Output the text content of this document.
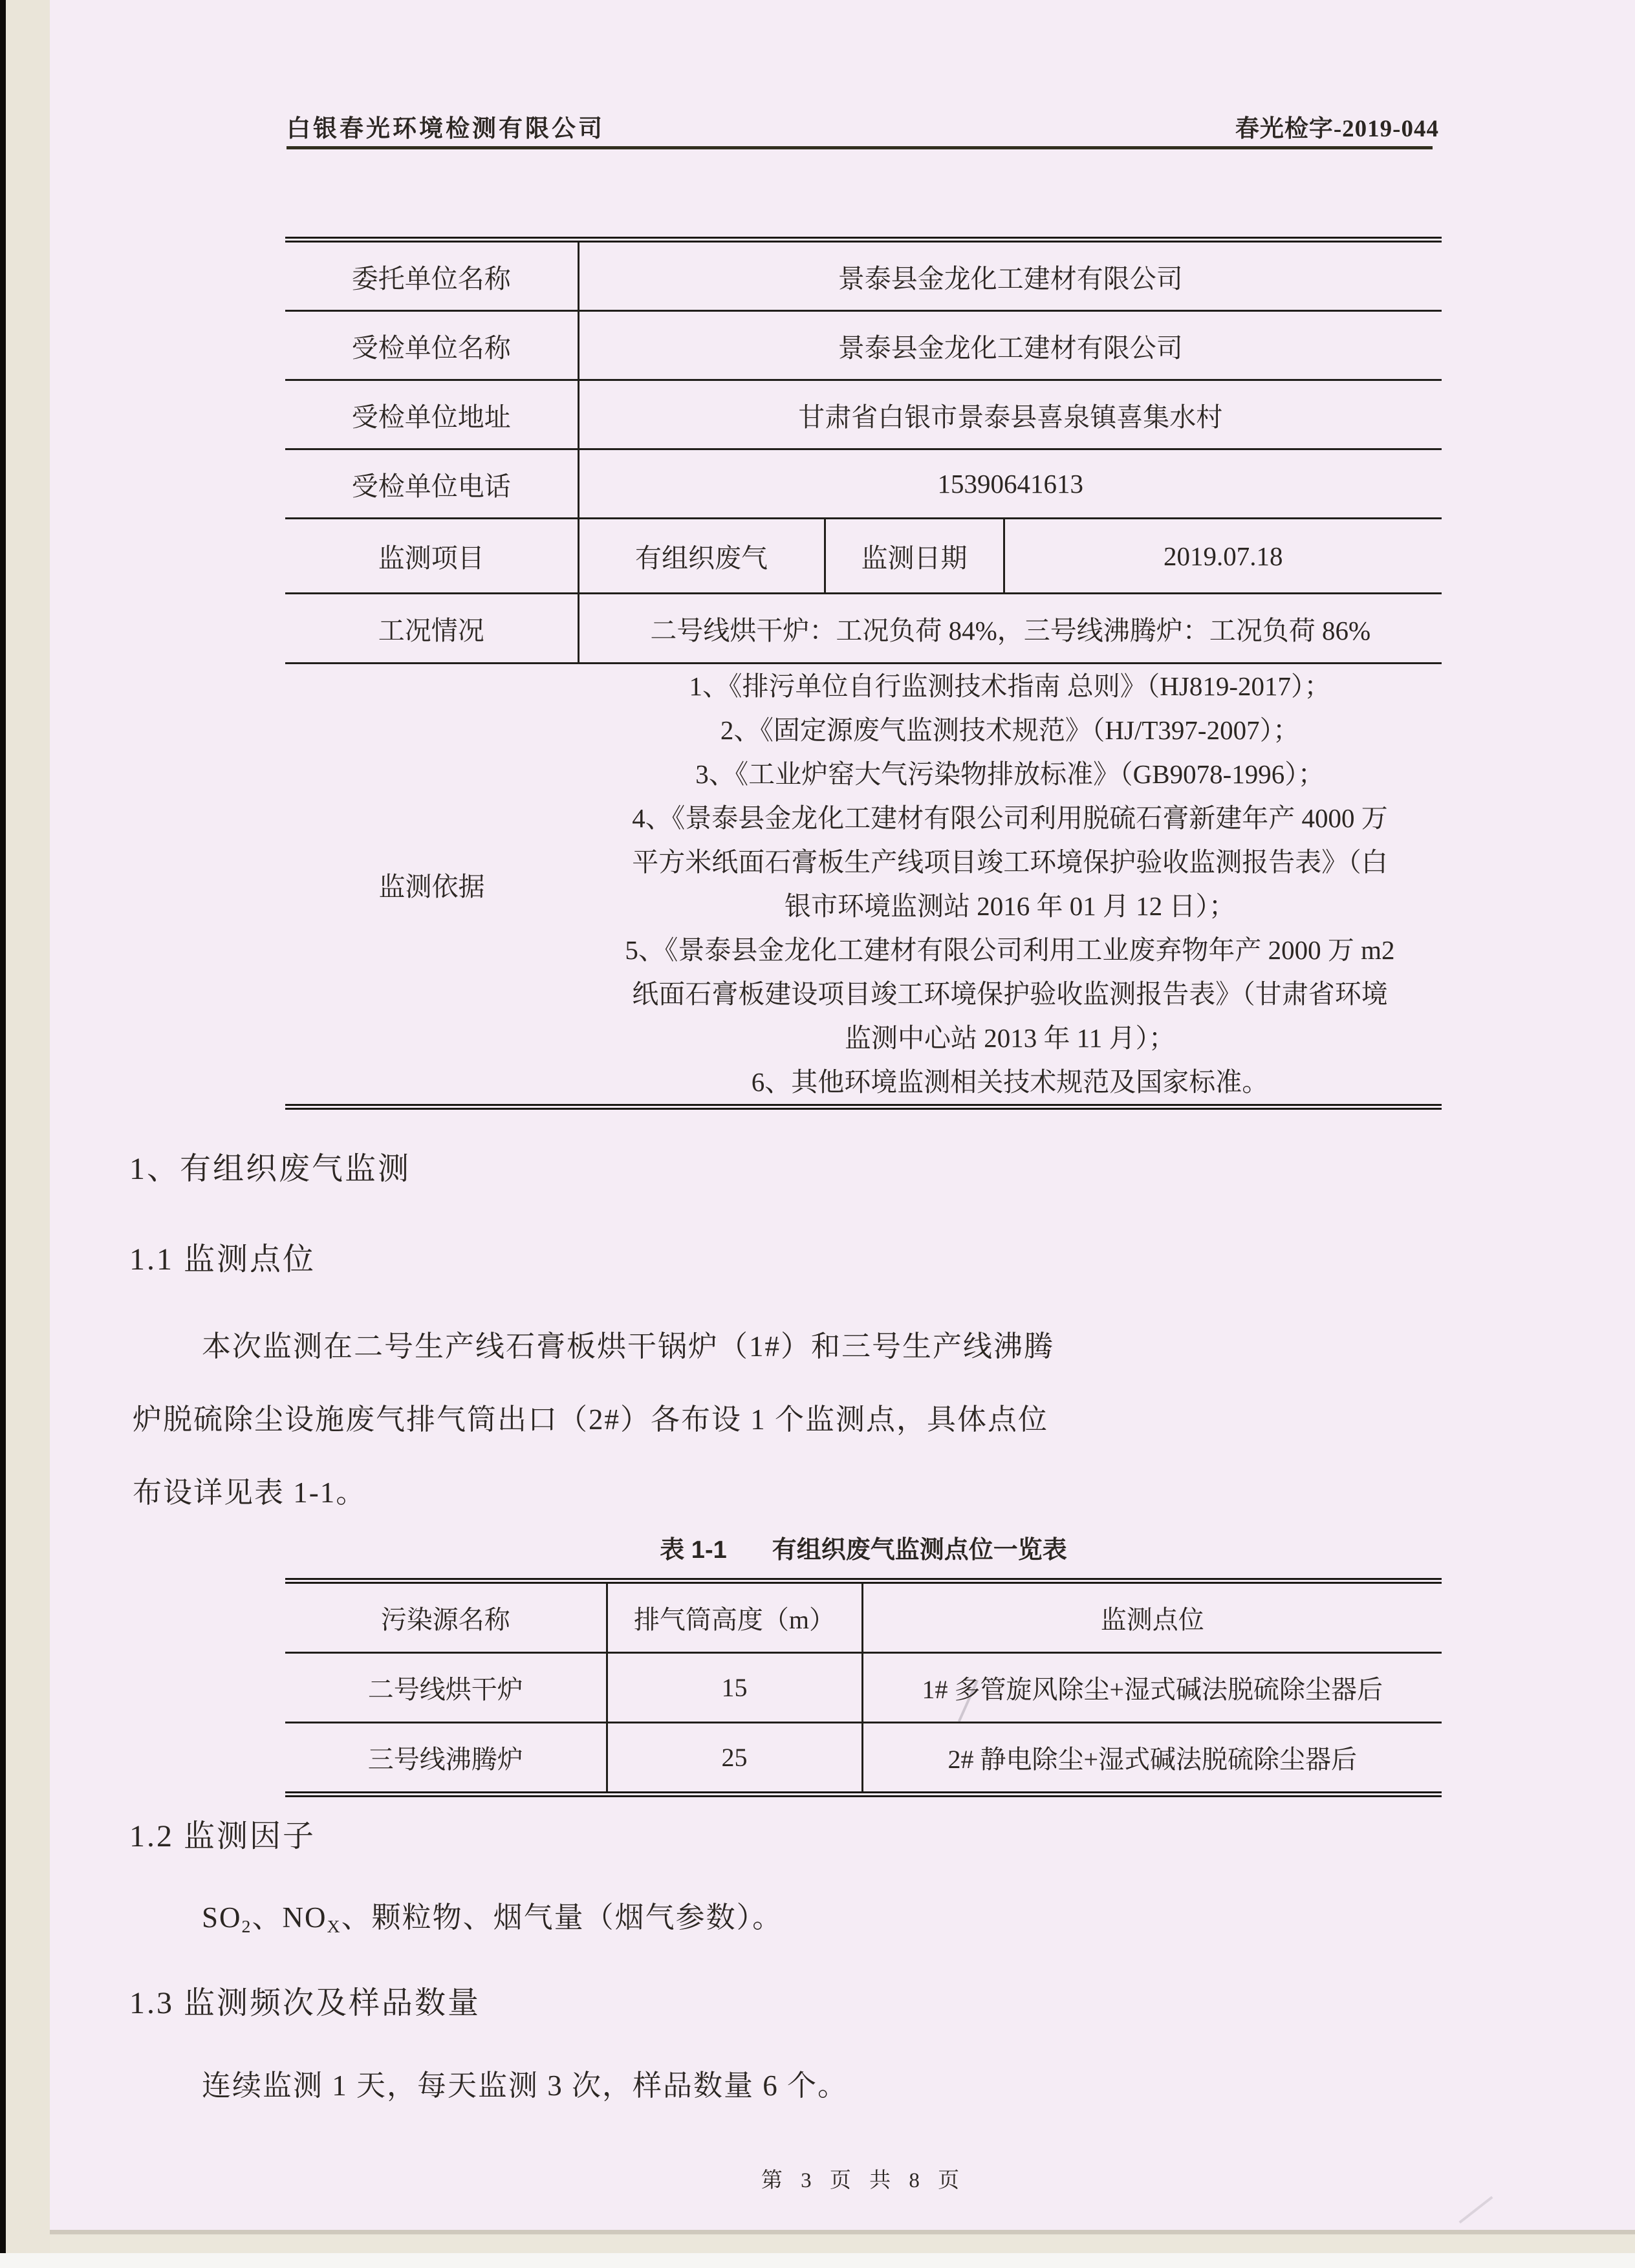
白银春光环境检测有限公司	春光检字-2019-044
委托单位名称	景泰县金龙化工建材有限公司		
受检单位名称	景泰县金龙化工建材有限公司		
受检单位地址	甘肃省白银市景泰县喜泉镇喜集水村		
受检单位电话	15390641613		
监测项目	有组织废气	监测日期	2019.07.18
工况情况	二号线烘干炉：工况负荷 84%，三号线沸腾炉：工况负荷 86%		
监测依据	
1、《排污单位自行监测技术指南 总则》（HJ819-2017）；
2、《固定源废气监测技术规范》（HJ/T397-2007）；
3、《工业炉窑大气污染物排放标准》（GB9078-1996）；
4、《景泰县金龙化工建材有限公司利用脱硫石膏新建年产 4000 万
平方米纸面石膏板生产线项目竣工环境保护验收监测报告表》（白
银市环境监测站 2016 年 01 月 12 日）；
5、《景泰县金龙化工建材有限公司利用工业废弃物年产 2000 万 m2
纸面石膏板建设项目竣工环境保护验收监测报告表》（甘肃省环境
监测中心站 2013 年 11 月）；
6、其他环境监测相关技术规范及国家标准。
1、有组织废气监测
1.1 监测点位
本次监测在二号生产线石膏板烘干锅炉（1#）和三号生产线沸腾
炉脱硫除尘设施废气排气筒出口（2#）各布设 1 个监测点，具体点位
布设详见表 1-1。
表 1-1 有组织废气监测点位一览表
污染源名称	排气筒高度（m）	监测点位
二号线烘干炉	15	1# 多管旋风除尘+湿式碱法脱硫除尘器后
三号线沸腾炉	25	2# 静电除尘+湿式碱法脱硫除尘器后
1.2 监测因子
$SO_2$、$NO_X$、颗粒物、烟气量（烟气参数）。
1.3 监测频次及样品数量
连续监测 1 天，每天监测 3 次，样品数量 6 个。
第 3 页 共 8 页
